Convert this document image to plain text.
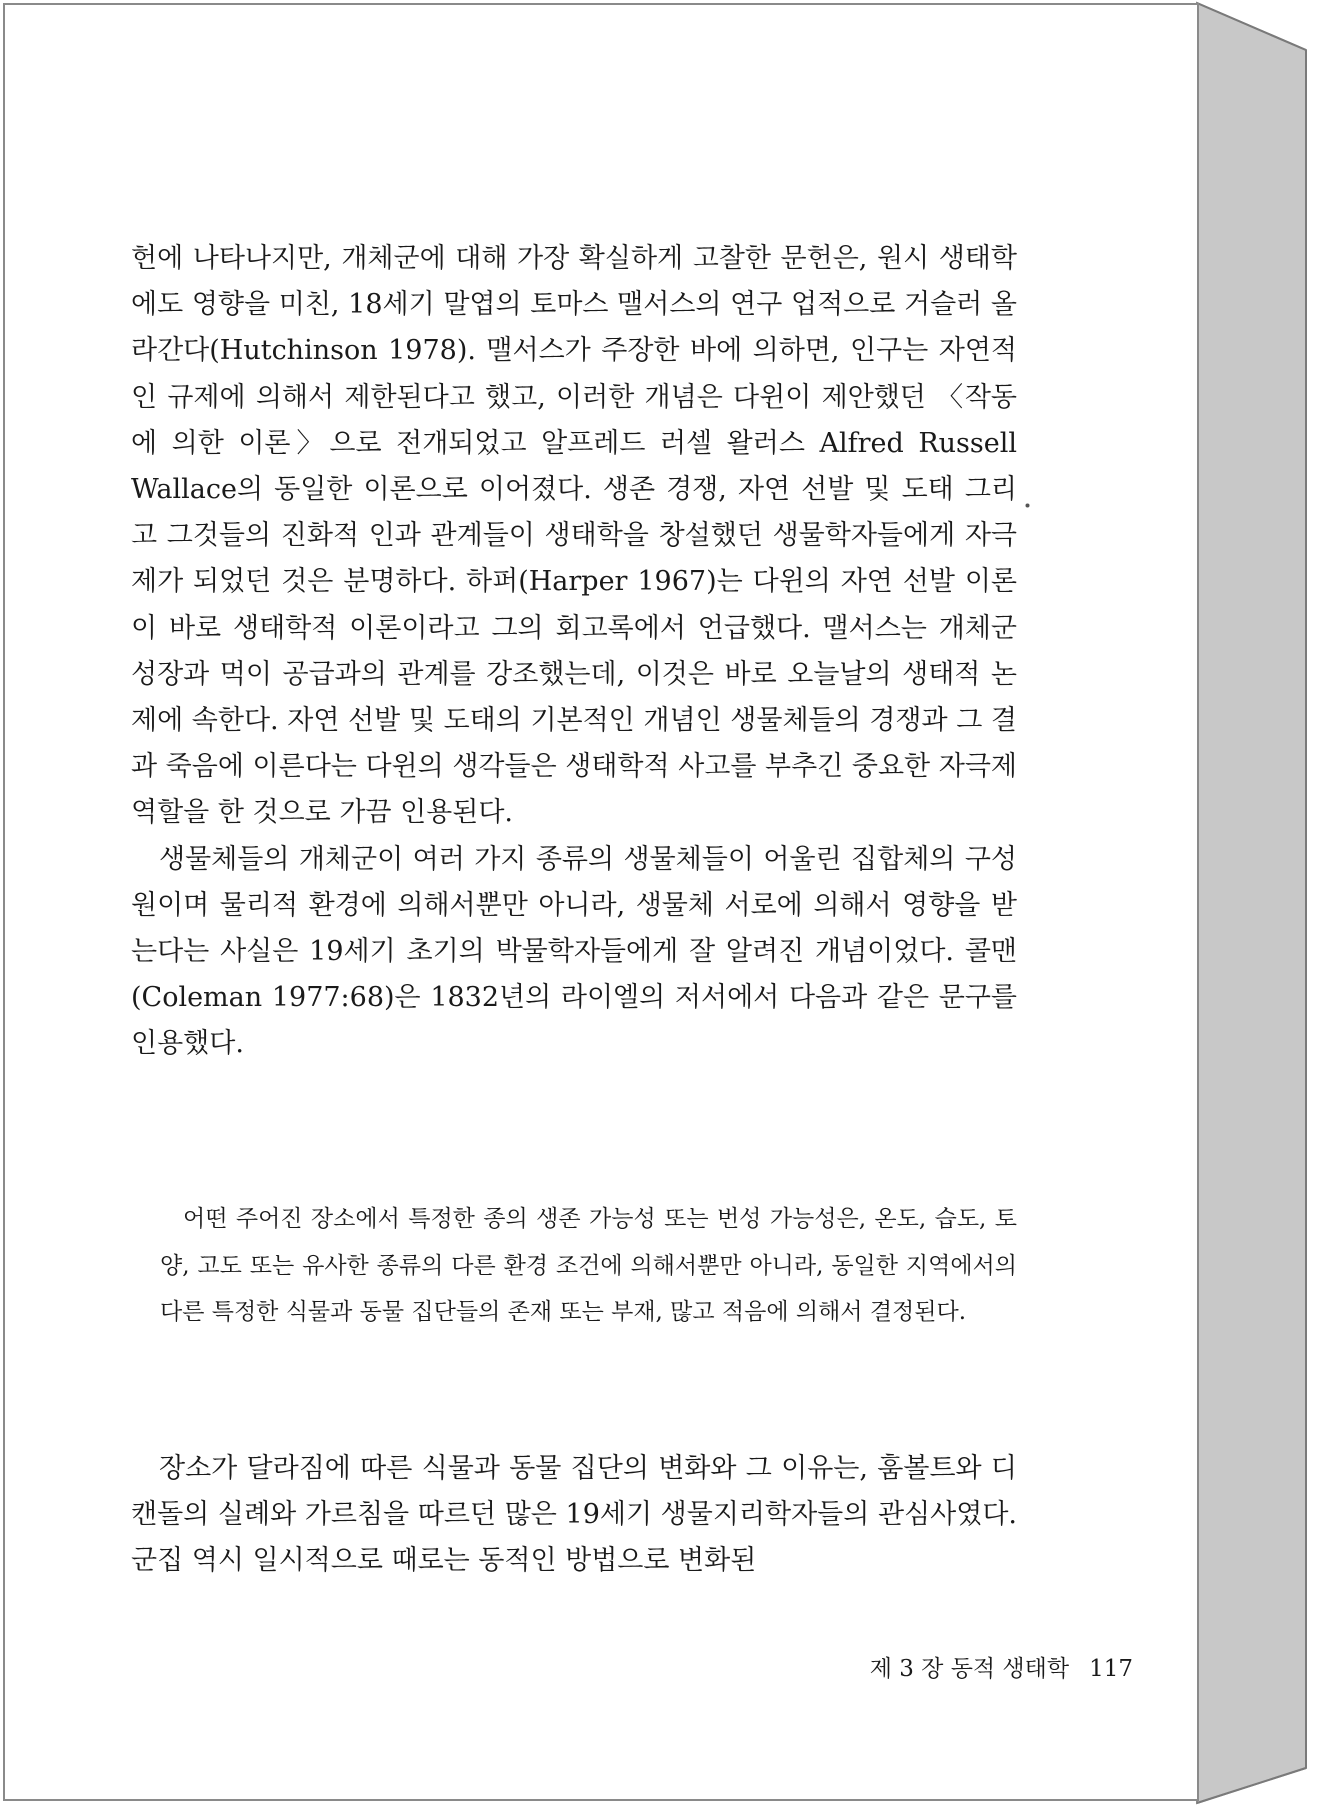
헌에 나타나지만, 개체군에 대해 가장 확실하게 고찰한 문헌은, 원시 생태학에도 영향을 미친, 18세기 말엽의 토마스 맬서스의 연구 업적으로 거슬러 올라간다(Hutchinson 1978). 맬서스가 주장한 바에 의하면, 인구는 자연적인 규제에 의해서 제한된다고 했고, 이러한 개념은 다윈이 제안했던 〈작동에 의한 이론〉으로 전개되었고 알프레드 러셀 왈러스 Alfred Russell Wallace의 동일한 이론으로 이어졌다. 생존 경쟁, 자연 선발 및 도태 그리고 그것들의 진화적 인과 관계들이 생태학을 창설했던 생물학자들에게 자극제가 되었던 것은 분명하다. 하퍼(Harper 1967)는 다윈의 자연 선발 이론이 바로 생태학적 이론이라고 그의 회고록에서 언급했다. 맬서스는 개체군 성장과 먹이 공급과의 관계를 강조했는데, 이것은 바로 오늘날의 생태적 논제에 속한다. 자연 선발 및 도태의 기본적인 개념인 생물체들의 경쟁과 그 결과 죽음에 이른다는 다윈의 생각들은 생태학적 사고를 부추긴 중요한 자극제 역할을 한 것으로 가끔 인용된다.

생물체들의 개체군이 여러 가지 종류의 생물체들이 어울린 집합체의 구성원이며 물리적 환경에 의해서뿐만 아니라, 생물체 서로에 의해서 영향을 받는다는 사실은 19세기 초기의 박물학자들에게 잘 알려진 개념이었다. 콜맨(Coleman 1977:68)은 1832년의 라이엘의 저서에서 다음과 같은 문구를 인용했다.

어떤 주어진 장소에서 특정한 종의 생존 가능성 또는 번성 가능성은, 온도, 습도, 토양, 고도 또는 유사한 종류의 다른 환경 조건에 의해서뿐만 아니라, 동일한 지역에서의 다른 특정한 식물과 동물 집단들의 존재 또는 부재, 많고 적음에 의해서 결정된다.

장소가 달라짐에 따른 식물과 동물 집단의 변화와 그 이유는, 훔볼트와 디캔돌의 실례와 가르침을 따르던 많은 19세기 생물지리학자들의 관심사였다. 군집 역시 일시적으로 때로는 동적인 방법으로 변화된

제 3 장 동적 생태학 117
